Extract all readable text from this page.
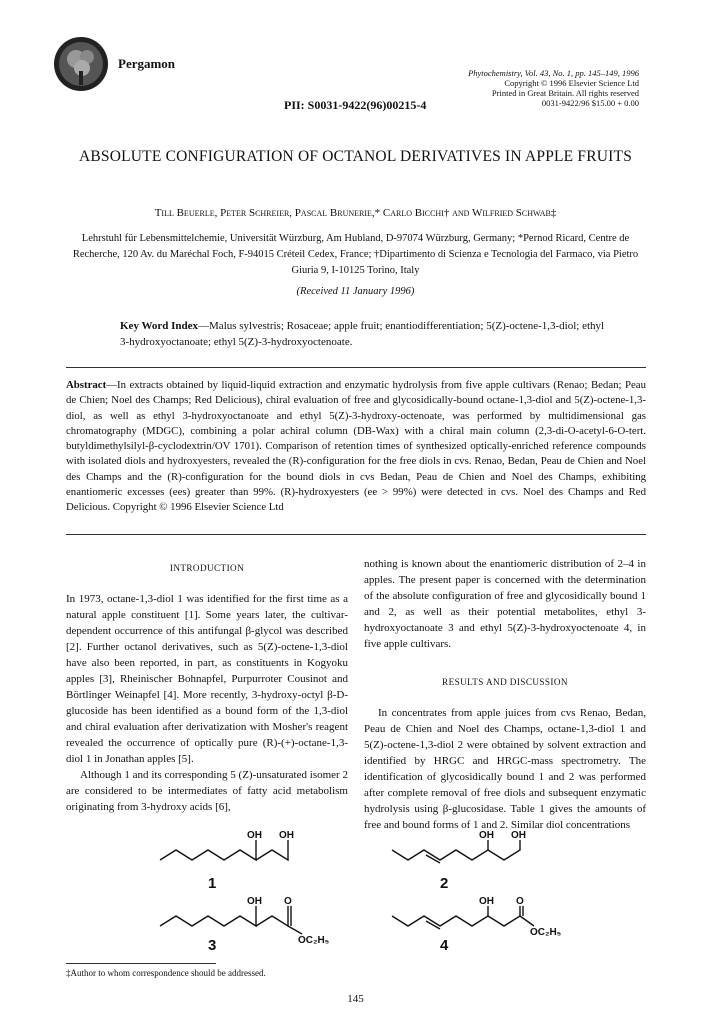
Pergamon
PII: S0031-9422(96)00215-4
Phytochemistry, Vol. 43, No. 1, pp. 145–149, 1996
Copyright © 1996 Elsevier Science Ltd
Printed in Great Britain. All rights reserved
0031-9422/96 $15.00 + 0.00
ABSOLUTE CONFIGURATION OF OCTANOL DERIVATIVES IN APPLE FRUITS
Till Beuerle, Peter Schreier, Pascal Brunerie,* Carlo Bicchi† and Wilfried Schwab‡
Lehrstuhl für Lebensmittelchemie, Universität Würzburg, Am Hubland, D-97074 Würzburg, Germany; *Pernod Ricard, Centre de Recherche, 120 Av. du Maréchal Foch, F-94015 Créteil Cedex, France; †Dipartimento di Scienza e Tecnologia del Farmaco, via Pietro Giuria 9, I-10125 Torino, Italy
(Received 11 January 1996)
Key Word Index—Malus sylvestris; Rosaceae; apple fruit; enantiodifferentiation; 5(Z)-octene-1,3-diol; ethyl 3-hydroxyoctanoate; ethyl 5(Z)-3-hydroxyoctenoate.
Abstract—In extracts obtained by liquid-liquid extraction and enzymatic hydrolysis from five apple cultivars (Renao; Bedan; Peau de Chien; Noel des Champs; Red Delicious), chiral evaluation of free and glycosidically-bound octane-1,3-diol and 5(Z)-octene-1,3-diol, as well as ethyl 3-hydroxyoctanoate and ethyl 5(Z)-3-hydroxy-octenoate, was performed by multidimensional gas chromatography (MDGC), combining a polar achiral column (DB-Wax) with a chiral main column (2,3-di-O-acetyl-6-O-tert. butyldimethylsilyl-β-cyclodextrin/OV 1701). Comparison of retention times of synthesized optically-enriched reference compounds with isolated diols and hydroxyesters, revealed the (R)-configuration for the free diols in cvs. Renao, Bedan, Peau de Chien and Noel des Champs and the (R)-configuration for the bound diols in cvs Bedan, Peau de Chien and Noel des Champs, exhibiting enantiomeric excesses (ees) greater than 99%. (R)-hydroxyesters (ee > 99%) were detected in cvs. Noel des Champs and Red Delicious. Copyright © 1996 Elsevier Science Ltd
INTRODUCTION

In 1973, octane-1,3-diol 1 was identified for the first time as a natural apple constituent [1]. Some years later, the cultivar-dependent occurrence of this antifungal β-glycol was described [2]. Further octanol derivatives, such as 5(Z)-octene-1,3-diol have also been reported, in part, as constituents in Kogyoku apples [3], Rheinischer Bohnapfel, Purpurroter Cousinot and Börtlinger Weinapfel [4]. More recently, 3-hydroxy-octyl β-D-glucoside has been identified as a bound form of the 1,3-diol and chiral evaluation after derivatization with Mosher's reagent revealed the occurrence of optically pure (R)-(+)-octane-1,3-diol 1 in Jonathan apples [5].

Although 1 and its corresponding 5 (Z)-unsaturated isomer 2 are considered to be intermediates of fatty acid metabolism originating from 3-hydroxy acids [6],

nothing is known about the enantiomeric distribution of 2–4 in apples. The present paper is concerned with the determination of the absolute configuration of free and glycosidically bound 1 and 2, as well as their potential metabolites, ethyl 3-hydroxyoctanoate 3 and ethyl 5(Z)-3-hydroxyoctenoate 4, in five apple cultivars.

RESULTS AND DISCUSSION

In concentrates from apple juices from cvs Renao, Bedan, Peau de Chien and Noel des Champs, octane-1,3-diol 1 and 5(Z)-octene-1,3-diol 2 were obtained by solvent extraction and identified by HRGC and HRGC-mass spectrometry. The identification of glycosidically bound 1 and 2 was performed after complete removal of free diols and subsequent enzymatic hydrolysis using β-glucosidase. Table 1 gives the amounts of free and bound forms of 1 and 2. Similar diol concentrations

OH OH
OH O
OC₂H₅
1
3
OH OH
OH O
OC₂H₅
2
4
‡Author to whom correspondence should be addressed.
145
